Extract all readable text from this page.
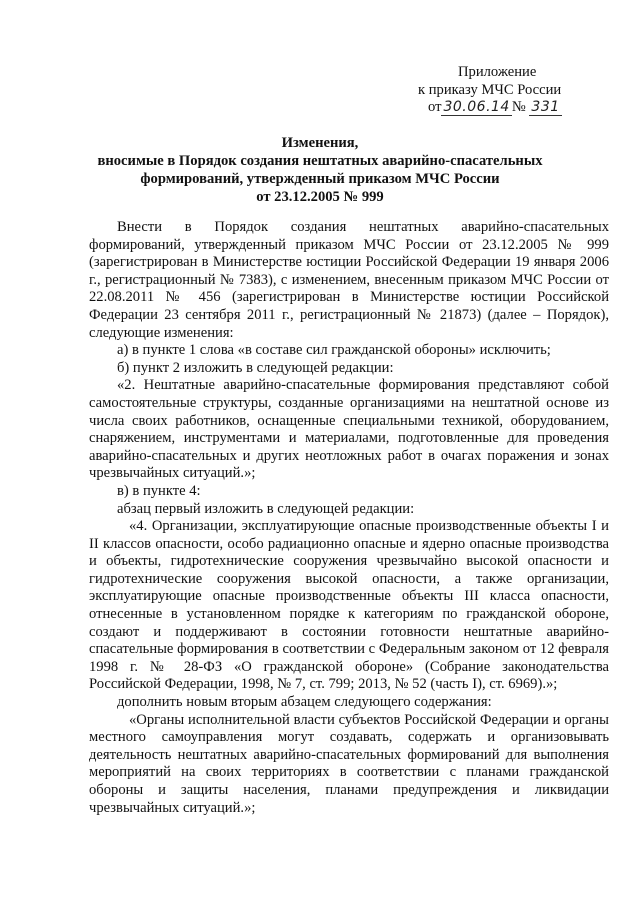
Приложение
к приказу МЧС России
от 30.06.14 № 331
Изменения,
вносимые в Порядок создания нештатных аварийно-спасательных
формирований, утвержденный приказом МЧС России
от 23.12.2005 № 999
Внести в Порядок создания нештатных аварийно-спасательных формирований, утвержденный приказом МЧС России от 23.12.2005 № 999 (зарегистрирован в Министерстве юстиции Российской Федерации 19 января 2006 г., регистрационный № 7383), с изменением, внесенным приказом МЧС России от 22.08.2011 № 456 (зарегистрирован в Министерстве юстиции Российской Федерации 23 сентября 2011 г., регистрационный № 21873) (далее – Порядок), следующие изменения:
а) в пункте 1 слова «в составе сил гражданской обороны» исключить;
б) пункт 2 изложить в следующей редакции:
«2. Нештатные аварийно-спасательные формирования представляют собой самостоятельные структуры, созданные организациями на нештатной основе из числа своих работников, оснащенные специальными техникой, оборудованием, снаряжением, инструментами и материалами, подготовленные для проведения аварийно-спасательных и других неотложных работ в очагах поражения и зонах чрезвычайных ситуаций.»;
в) в пункте 4:
абзац первый изложить в следующей редакции:
«4. Организации, эксплуатирующие опасные производственные объекты I и II классов опасности, особо радиационно опасные и ядерно опасные производства и объекты, гидротехнические сооружения чрезвычайно высокой опасности и гидротехнические сооружения высокой опасности, а также организации, эксплуатирующие опасные производственные объекты III класса опасности, отнесенные в установленном порядке к категориям по гражданской обороне, создают и поддерживают в состоянии готовности нештатные аварийно-спасательные формирования в соответствии с Федеральным законом от 12 февраля 1998 г. № 28-ФЗ «О гражданской обороне» (Собрание законодательства Российской Федерации, 1998, № 7, ст. 799; 2013, № 52 (часть I), ст. 6969).»;
дополнить новым вторым абзацем следующего содержания:
«Органы исполнительной власти субъектов Российской Федерации и органы местного самоуправления могут создавать, содержать и организовывать деятельность нештатных аварийно-спасательных формирований для выполнения мероприятий на своих территориях в соответствии с планами гражданской обороны и защиты населения, планами предупреждения и ликвидации чрезвычайных ситуаций.»;
